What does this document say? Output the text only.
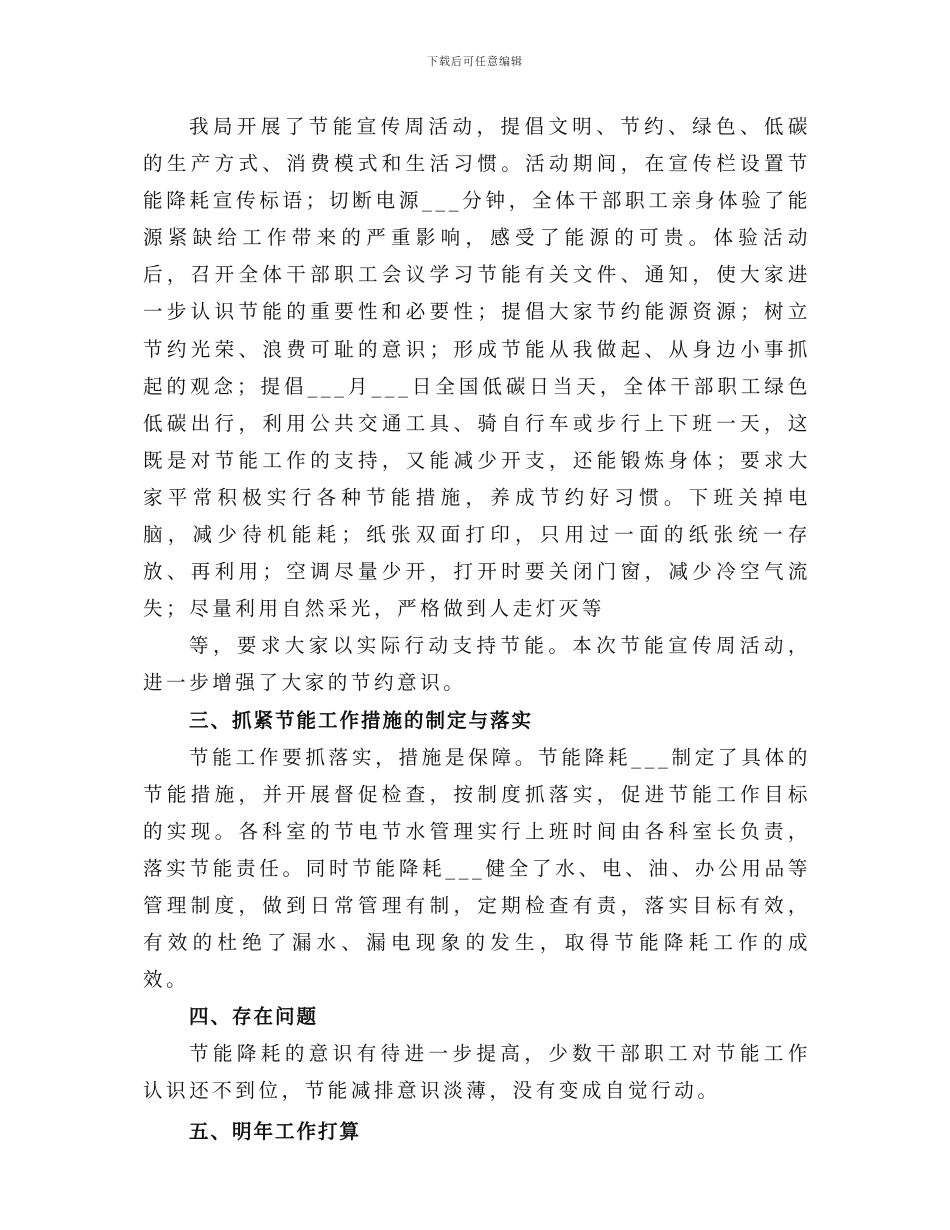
下载后可任意编辑

我局开展了节能宣传周活动，提倡文明、节约、绿色、低碳的生产方式、消费模式和生活习惯。活动期间，在宣传栏设置节能降耗宣传标语；切断电源___分钟，全体干部职工亲身体验了能源紧缺给工作带来的严重影响，感受了能源的可贵。体验活动后，召开全体干部职工会议学习节能有关文件、通知，使大家进一步认识节能的重要性和必要性；提倡大家节约能源资源；树立节约光荣、浪费可耻的意识；形成节能从我做起、从身边小事抓起的观念；提倡___月___日全国低碳日当天，全体干部职工绿色低碳出行，利用公共交通工具、骑自行车或步行上下班一天，这既是对节能工作的支持，又能减少开支，还能锻炼身体；要求大家平常积极实行各种节能措施，养成节约好习惯。下班关掉电脑，减少待机能耗；纸张双面打印，只用过一面的纸张统一存放、再利用；空调尽量少开，打开时要关闭门窗，减少冷空气流失；尽量利用自然采光，严格做到人走灯灭等

等，要求大家以实际行动支持节能。本次节能宣传周活动，进一步增强了大家的节约意识。

三、抓紧节能工作措施的制定与落实

节能工作要抓落实，措施是保障。节能降耗___制定了具体的节能措施，并开展督促检查，按制度抓落实，促进节能工作目标的实现。各科室的节电节水管理实行上班时间由各科室长负责，落实节能责任。同时节能降耗___健全了水、电、油、办公用品等管理制度，做到日常管理有制，定期检查有责，落实目标有效，有效的杜绝了漏水、漏电现象的发生，取得节能降耗工作的成效。

四、存在问题

节能降耗的意识有待进一步提高，少数干部职工对节能工作认识还不到位，节能减排意识淡薄，没有变成自觉行动。

五、明年工作打算
